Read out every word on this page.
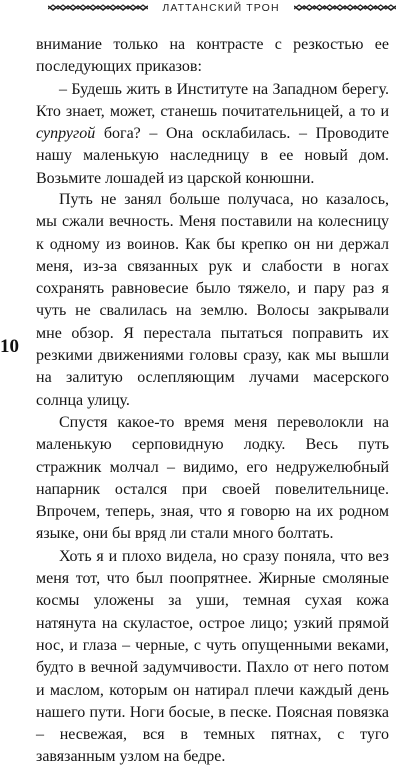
ЛАТТАНСКИЙ ТРОН

внимание только на контрасте с резкостью ее последующих приказов:

– Будешь жить в Институте на Западном берегу. Кто знает, может, станешь почитательницей, а то и супругой бога? – Она осклабилась. – Проводите нашу маленькую наследницу в ее новый дом. Возьмите лошадей из царской конюшни.

Путь не занял больше получаса, но казалось, мы сжали вечность. Меня поставили на колесницу к одному из воинов. Как бы крепко он ни держал меня, из-за связанных рук и слабости в ногах сохранять равновесие было тяжело, и пару раз я чуть не свалилась на землю. Волосы закрывали мне обзор. Я перестала пытаться поправить их резкими движениями головы сразу, как мы вышли на залитую ослепляющим лучами масерского солнца улицу.

Спустя какое-то время меня переволокли на маленькую серповидную лодку. Весь путь стражник молчал – видимо, его недружелюбный напарник остался при своей повелительнице. Впрочем, теперь, зная, что я говорю на их родном языке, они бы вряд ли стали много болтать.

Хоть я и плохо видела, но сразу поняла, что вез меня тот, что был поопрятнее. Жирные смоляные космы уложены за уши, темная сухая кожа натянута на скуластое, острое лицо; узкий прямой нос, и глаза – черные, с чуть опущенными веками, будто в вечной задумчивости. Пахло от него потом и маслом, которым он натирал плечи каждый день нашего пути. Ноги босые, в песке. Поясная повязка – несвежая, вся в темных пятнах, с туго завязанным узлом на бедре.

10
